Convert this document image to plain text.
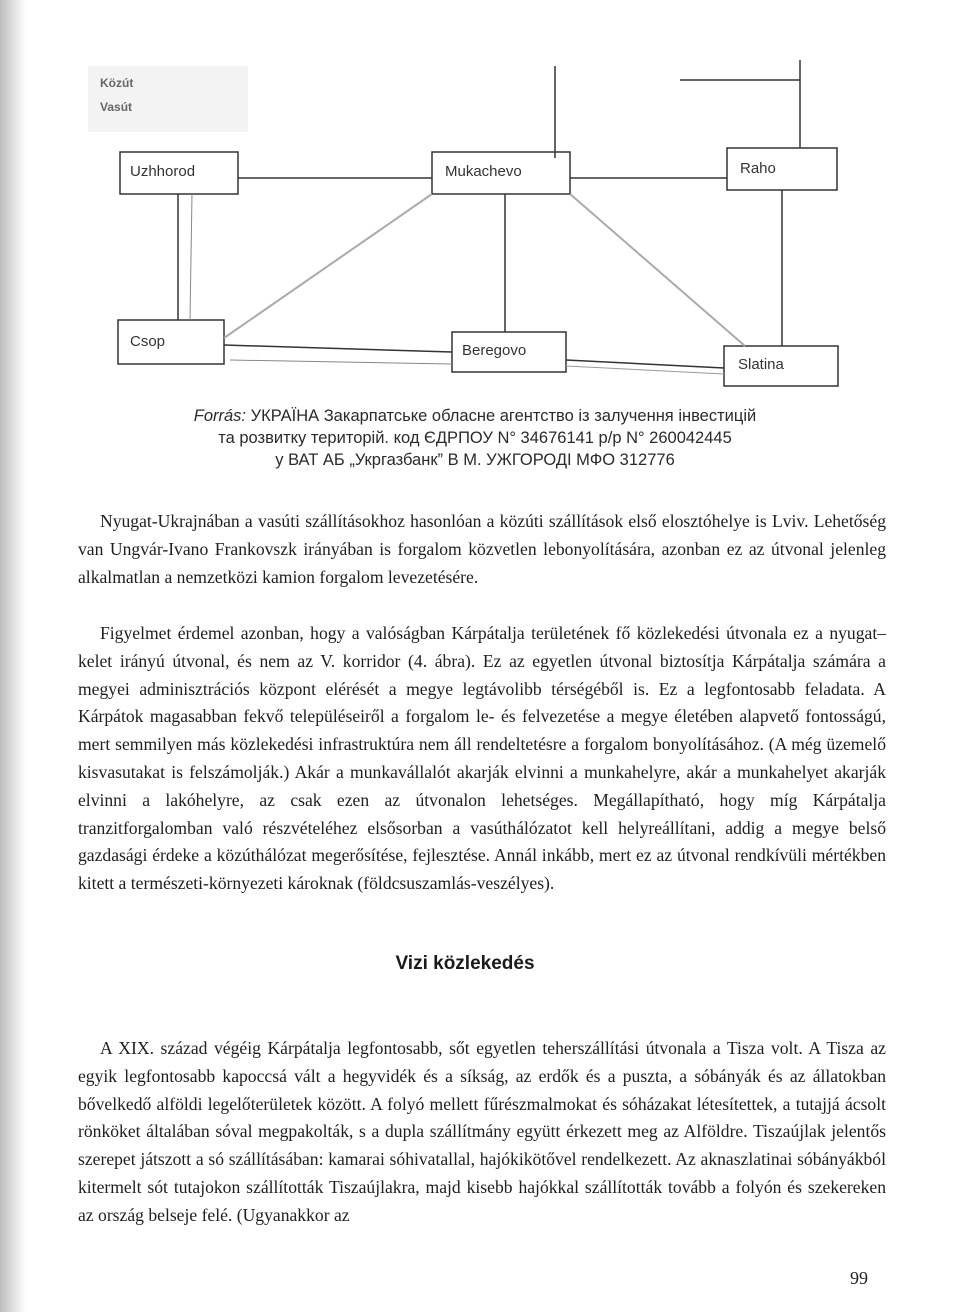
Közút
Vasút
Uzhhorod	Mukachevo	Raho
Csop
Beregovo
Slatina
Forrás: УКРАЇНА Закарпатське обласне агентство із залучення інвестицій
та розвитку територій. код ЄДРПОУ N° 34676141 р/р N° 260042445
у ВАТ АБ „Укргазбанк” В М. УЖГОРОДІ МФО 312776

Nyugat-Ukrajnában a vasúti szállításokhoz hasonlóan a közúti szállítások első elosztóhelye is Lviv. Lehetőség van Ungvár-Ivano Frankovszk irányában is forgalom közvetlen lebonyolítására, azonban ez az útvonal jelenleg alkalmatlan a nemzetközi kamion forgalom levezetésére.

Figyelmet érdemel azonban, hogy a valóságban Kárpátalja területének fő közlekedési útvonala ez a nyugat–kelet irányú útvonal, és nem az V. korridor (4. ábra). Ez az egyetlen útvonal biztosítja Kárpátalja számára a megyei adminisztrációs központ elérését a megye legtávolibb térségéből is. Ez a legfontosabb feladata. A Kárpátok magasabban fekvő településeiről a forgalom le- és felvezetése a megye életében alapvető fontosságú, mert semmilyen más közlekedési infrastruktúra nem áll rendeltetésre a forgalom bonyolításához. (A még üzemelő kisvasutakat is felszámolják.) Akár a munkavállalót akarják elvinni a munkahelyre, akár a munkahelyet akarják elvinni a lakóhelyre, az csak ezen az útvonalon lehetséges. Megállapítható, hogy míg Kárpátalja tranzitforgalomban való részvételéhez elsősorban a vasúthálózatot kell helyreállítani, addig a megye belső gazdasági érdeke a közúthálózat megerősítése, fejlesztése. Annál inkább, mert ez az útvonal rendkívüli mértékben kitett a természeti-környezeti károknak (földcsuszamlás-veszélyes).

Vizi közlekedés

A XIX. század végéig Kárpátalja legfontosabb, sőt egyetlen teherszállítási útvonala a Tisza volt. A Tisza az egyik legfontosabb kapoccsá vált a hegyvidék és a síkság, az erdők és a puszta, a sóbányák és az állatokban bővelkedő alföldi legelőterületek között. A folyó mellett fűrészmalmokat és sóházakat létesítettek, a tutajjá ácsolt rönköket általában sóval megpakolták, s a dupla szállítmány együtt érkezett meg az Alföldre. Tiszaújlak jelentős szerepet játszott a só szállításában: kamarai sóhivatallal, hajókikötővel rendelkezett. Az aknaszlatinai sóbányákból kitermelt sót tutajokon szállították Tiszaújlakra, majd kisebb hajókkal szállították tovább a folyón és szekereken az ország belseje felé. (Ugyanakkor az

99
